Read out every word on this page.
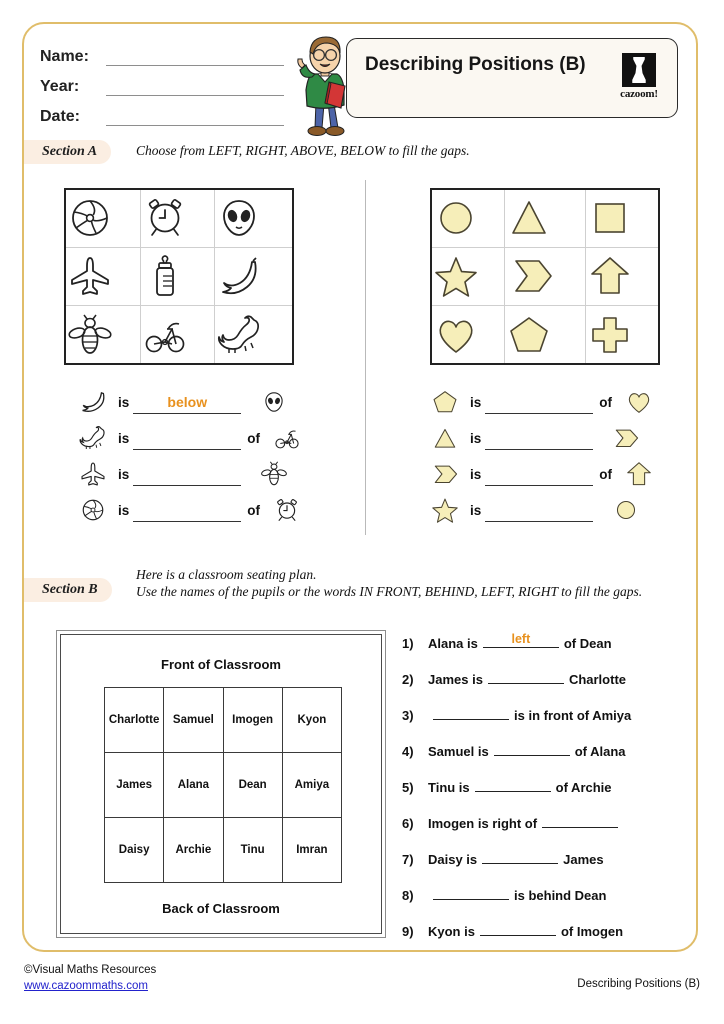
Name:
Year:
Date:
Describing Positions (B)
cazoom!
Section A	Choose from LEFT, RIGHT, ABOVE, BELOW to fill the gaps.

is	below
is	of
is
is	of
is	of
is
is	of
is
Section B
Here is a classroom seating plan.
Use the names of the pupils or the words IN FRONT, BEHIND, LEFT, RIGHT to fill the gaps.
Front of Classroom
Charlotte	Samuel	Imogen	Kyon
James	Alana	Dean	Amiya
Daisy	Archie	Tinu	Imran
Back of Classroom
1)	Alana is	left	of Dean
2)	James is	Charlotte
3)	is in front of Amiya
4)	Samuel is	of Alana
5)	Tinu is	of Archie
6)	Imogen is right of
7)	Daisy is	James
8)	is behind Dean
9)	Kyon is	of Imogen
©Visual Maths Resources
www.cazoommaths.com	Describing Positions (B)
